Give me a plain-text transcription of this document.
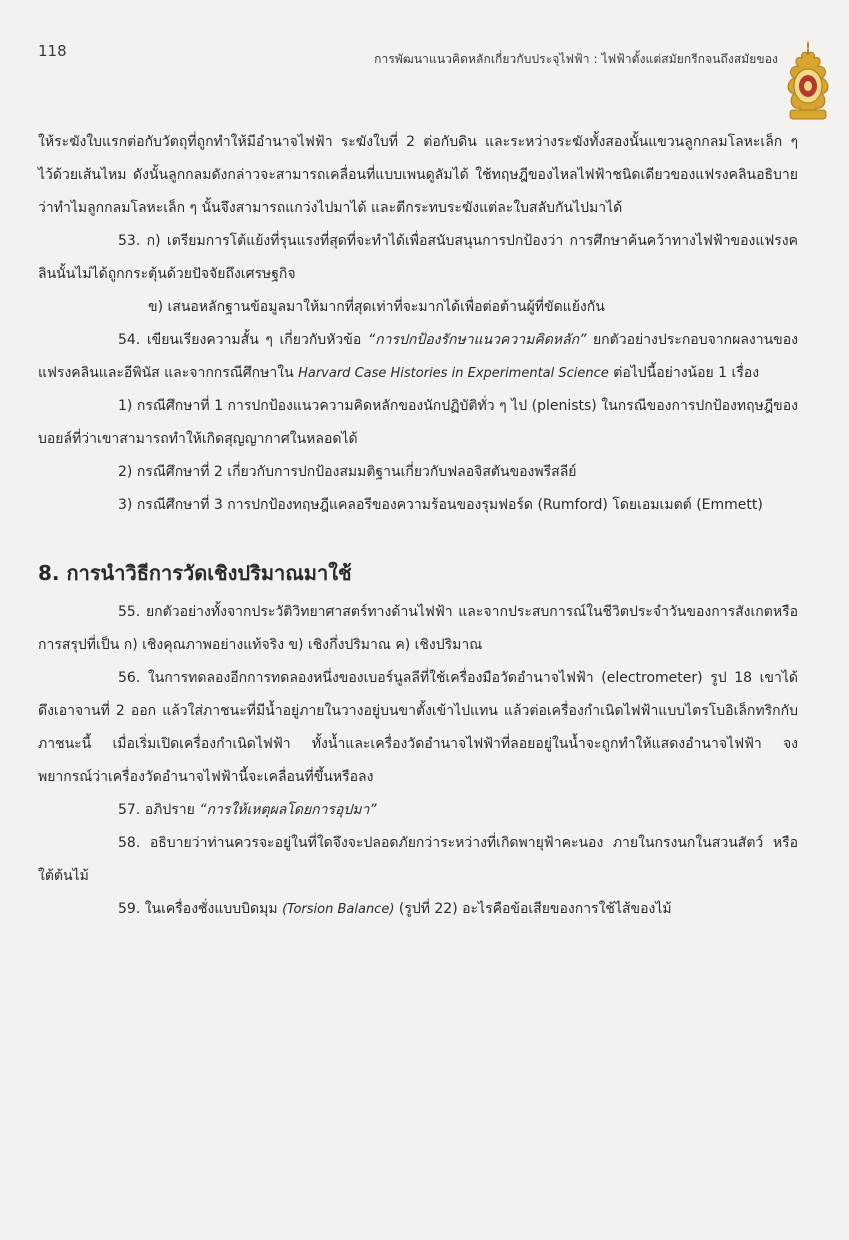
118	การพัฒนาแนวคิดหลักเกี่ยวกับประจุไฟฟ้า : ไฟฟ้าตั้งแต่สมัยกรีกจนถึงสมัยของ

ให้ระฆังใบแรกต่อกับวัตถุที่ถูกทำให้มีอำนาจไฟฟ้า ระฆังใบที่ 2 ต่อกับดิน และระหว่างระฆังทั้งสองนั้นแขวนลูกกลมโลหะเล็ก ๆ ไว้ด้วยเส้นไหม ดังนั้นลูกกลมดังกล่าวจะสามารถเคลื่อนที่แบบเพนดูลัมได้ ใช้ทฤษฎีของไหลไฟฟ้าชนิดเดียวของแฟรงคลินอธิบายว่าทำไมลูกกลมโลหะเล็ก ๆ นั้นจึงสามารถแกว่งไปมาได้ และตีกระทบระฆังแต่ละใบสลับกันไปมาได้

53. ก) เตรียมการโต้แย้งที่รุนแรงที่สุดที่จะทำได้เพื่อสนับสนุนการปกป้องว่า การศึกษาค้นคว้าทางไฟฟ้าของแฟรงคลินนั้นไม่ได้ถูกกระตุ้นด้วยปัจจัยถึงเศรษฐกิจ

ข) เสนอหลักฐานข้อมูลมาให้มากที่สุดเท่าที่จะมากได้เพื่อต่อต้านผู้ที่ขัดแย้งกัน

54. เขียนเรียงความสั้น ๆ เกี่ยวกับหัวข้อ “การปกป้องรักษาแนวความคิดหลัก” ยกตัวอย่างประกอบจากผลงานของแฟรงคลินและอีพินัส และจากกรณีศึกษาใน Harvard Case Histories in Experimental Science ต่อไปนี้อย่างน้อย 1 เรื่อง

1) กรณีศึกษาที่ 1 การปกป้องแนวความคิดหลักของนักปฏิบัติทั่ว ๆ ไป (plenists) ในกรณีของการปกป้องทฤษฎีของบอยล์ที่ว่าเขาสามารถทำให้เกิดสุญญากาศในหลอดได้

2) กรณีศึกษาที่ 2 เกี่ยวกับการปกป้องสมมติฐานเกี่ยวกับฟลอจิสตันของพรีสลีย์

3) กรณีศึกษาที่ 3 การปกป้องทฤษฎีแคลอรีของความร้อนของรุมฟอร์ด (Rumford) โดยเอมเมตต์ (Emmett)

8. การนำวิธีการวัดเชิงปริมาณมาใช้

55. ยกตัวอย่างทั้งจากประวัติวิทยาศาสตร์ทางด้านไฟฟ้า และจากประสบการณ์ในชีวิตประจำวันของการสังเกตหรือการสรุปที่เป็น ก) เชิงคุณภาพอย่างแท้จริง ข) เชิงกึ่งปริมาณ ค) เชิงปริมาณ

56. ในการทดลองอีกการทดลองหนึ่งของเบอร์นูลลีที่ใช้เครื่องมือวัดอำนาจไฟฟ้า (electrometer) รูป 18 เขาได้ดึงเอาจานที่ 2 ออก แล้วใส่ภาชนะที่มีน้ำอยู่ภายในวางอยู่บนขาตั้งเข้าไปแทน แล้วต่อเครื่องกำเนิดไฟฟ้าแบบไตรโบอิเล็กทริกกับภาชนะนี้ เมื่อเริ่มเปิดเครื่องกำเนิดไฟฟ้า ทั้งน้ำและเครื่องวัดอำนาจไฟฟ้าที่ลอยอยู่ในน้ำจะถูกทำให้แสดงอำนาจไฟฟ้า จงพยากรณ์ว่าเครื่องวัดอำนาจไฟฟ้านี้จะเคลื่อนที่ขึ้นหรือลง

57. อภิปราย “การให้เหตุผลโดยการอุปมา”

58. อธิบายว่าท่านควรจะอยู่ในที่ใดจึงจะปลอดภัยกว่าระหว่างที่เกิดพายุฟ้าคะนอง ภายในกรงนกในสวนสัตว์ หรือใต้ต้นไม้

59. ในเครื่องชั่งแบบบิดมุม (Torsion Balance) (รูปที่ 22) อะไรคือข้อเสียของการใช้ไส้ของไม้
